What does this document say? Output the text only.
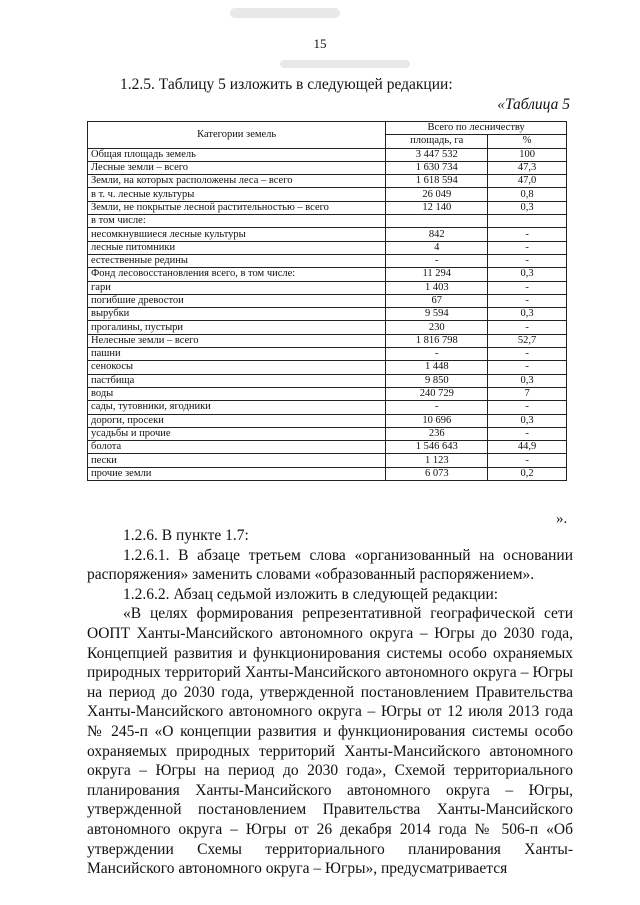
15
1.2.5. Таблицу 5 изложить в следующей редакции:
«Таблица 5
Категории земель	Всего по лесничеству	
	площадь, га	%
Общая площадь земель	3 447 532	100
Лесные земли – всего	1 630 734	47,3
Земли, на которых расположены леса – всего	1 618 594	47,0
в т. ч. лесные культуры	26 049	0,8
Земли, не покрытые лесной растительностью – всего	12 140	0,3
в том числе:		
несомкнувшиеся лесные культуры	842	-
лесные питомники	4	-
естественные редины	-	-
Фонд лесовосстановления всего, в том числе:	11 294	0,3
гари	1 403	-
погибшие древостои	67	-
вырубки	9 594	0,3
прогалины, пустыри	230	-
Нелесные земли – всего	1 816 798	52,7
пашни	-	-
сенокосы	1 448	-
пастбища	9 850	0,3
воды	240 729	7
сады, тутовники, ягодники	-	-
дороги, просеки	10 696	0,3
усадьбы и прочие	236	-
болота	1 546 643	44,9
пески	1 123	-
прочие земли	6 073	0,2
».

1.2.6. В пункте 1.7:

1.2.6.1. В абзаце третьем слова «организованный на основании распоряжения» заменить словами «образованный распоряжением».

1.2.6.2. Абзац седьмой изложить в следующей редакции:

«В целях формирования репрезентативной географической сети ООПТ Ханты-Мансийского автономного округа – Югры до 2030 года, Концепцией развития и функционирования системы особо охраняемых природных территорий Ханты-Мансийского автономного округа – Югры на период до 2030 года, утвержденной постановлением Правительства Ханты-Мансийского автономного округа – Югры от 12 июля 2013 года № 245-п «О концепции развития и функционирования системы особо охраняемых природных территорий Ханты-Мансийского автономного округа – Югры на период до 2030 года», Схемой территориального планирования Ханты-Мансийского автономного округа – Югры, утвержденной постановлением Правительства Ханты-Мансийского автономного округа – Югры от 26 декабря 2014 года № 506-п «Об утверждении Схемы территориального планирования Ханты-Мансийского автономного округа – Югры», предусматривается
